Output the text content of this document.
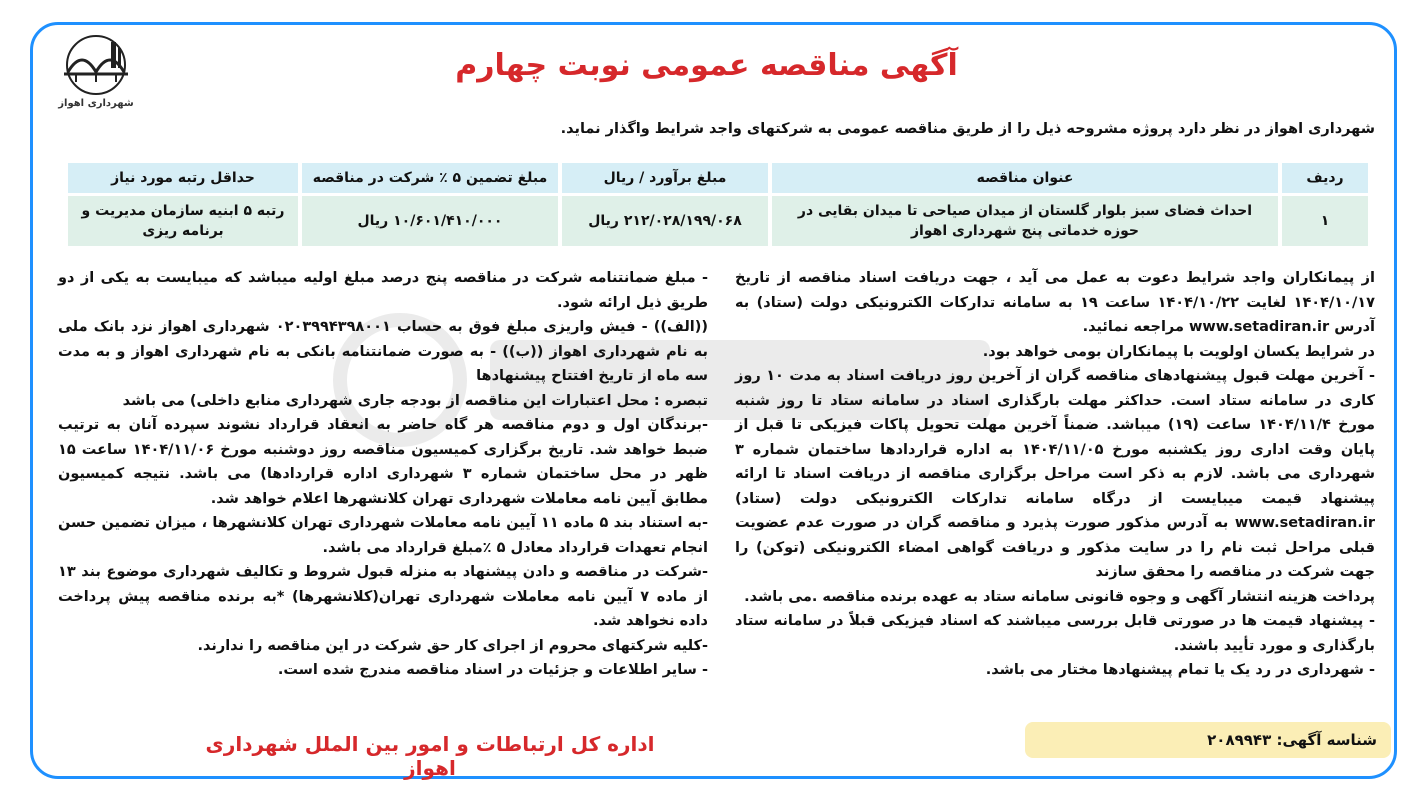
شهرداری اهواز
آگهی مناقصه عمومی نوبت چهارم
شهرداری اهواز در نظر دارد پروژه مشروحه ذیل را از طریق مناقصه عمومی به شرکتهای واجد شرایط واگذار نماید.
ردیف	عنوان مناقصه	مبلغ برآورد / ریال	مبلغ تضمین ۵ ٪ شرکت در مناقصه	حداقل رتبه مورد نیاز
۱	احداث فضای سبز بلوار گلستان از میدان صیاحی تا میدان بقایی در حوزه خدماتی پنج شهرداری اهواز	۲۱۲/۰۲۸/۱۹۹/۰۶۸ ریال	۱۰/۶۰۱/۴۱۰/۰۰۰ ریال	رتبه ۵ ابنیه سازمان مدیریت و برنامه ریزی

از پیمانکاران واجد شرایط دعوت به عمل می آید ، جهت دریافت اسناد مناقصه از تاریخ ۱۴۰۴/۱۰/۱۷ لغایت ۱۴۰۴/۱۰/۲۲ ساعت ۱۹ به سامانه تدارکات الکترونیکی دولت (ستاد) به آدرس www.setadiran.ir مراجعه نمائید.

در شرایط یکسان اولویت با پیمانکاران بومی خواهد بود.

- آخرین مهلت قبول پیشنهادهای مناقصه گران از آخرین روز دریافت اسناد به مدت ۱۰ روز کاری در سامانه ستاد است. حداکثر مهلت بارگذاری اسناد در سامانه ستاد تا روز شنبه مورخ ۱۴۰۴/۱۱/۴ ساعت (۱۹) میباشد. ضمناً آخرین مهلت تحویل پاکات فیزیکی تا قبل از پایان وقت اداری روز یکشنبه مورخ ۱۴۰۴/۱۱/۰۵ به اداره قراردادها ساختمان شماره ۳ شهرداری می باشد. لازم به ذکر است مراحل برگزاری مناقصه از دریافت اسناد تا ارائه پیشنهاد قیمت میبایست از درگاه سامانه تدارکات الکترونیکی دولت (ستاد) www.setadiran.ir به آدرس مذکور صورت پذیرد و مناقصه گران در صورت عدم عضویت قبلی مراحل ثبت نام را در سایت مذکور و دریافت گواهی امضاء الکترونیکی (توکن) را جهت شرکت در مناقصه را محقق سازند

پرداخت هزینه انتشار آگهی و وجوه قانونی سامانه ستاد به عهده برنده مناقصه .می باشد.

- پیشنهاد قیمت ها در صورتی قابل بررسی میباشند که اسناد فیزیکی قبلاً در سامانه ستاد بارگذاری و مورد تأیید باشند.

- شهرداری در رد یک یا تمام پیشنهادها مختار می باشد.

- مبلغ ضمانتنامه شرکت در مناقصه پنج درصد مبلغ اولیه میباشد که میبایست به یکی از دو طریق ذیل ارائه شود.

((الف)) - فیش واریزی مبلغ فوق به حساب ۰۲۰۳۹۹۴۳۹۸۰۰۱ شهرداری اهواز نزد بانک ملی به نام شهرداری اهواز ((ب)) - به صورت ضمانتنامه بانکی به نام شهرداری اهواز و به مدت سه ماه از تاریخ افتتاح پیشنهادها

تبصره : محل اعتبارات این مناقصه از بودجه جاری شهرداری منابع داخلی) می باشد

-برندگان اول و دوم مناقصه هر گاه حاضر به انعقاد قرارداد نشوند سپرده آنان به ترتیب ضبط خواهد شد. تاریخ برگزاری کمیسیون مناقصه روز دوشنبه مورخ ۱۴۰۴/۱۱/۰۶ ساعت ۱۵ ظهر در محل ساختمان شماره ۳ شهرداری اداره قراردادها) می باشد. نتیجه کمیسیون مطابق آیین نامه معاملات شهرداری تهران کلانشهرها اعلام خواهد شد.

-به استناد بند ۵ ماده ۱۱ آیین نامه معاملات شهرداری تهران کلانشهرها ، میزان تضمین حسن انجام تعهدات قرارداد معادل ۵ ٪مبلغ قرارداد می باشد.

-شرکت در مناقصه و دادن پیشنهاد به منزله قبول شروط و تکالیف شهرداری موضوع بند ۱۳ از ماده ۷ آیین نامه معاملات شهرداری تهران(کلانشهرها) *به برنده مناقصه پیش پرداخت داده نخواهد شد.

-کلیه شرکتهای محروم از اجرای کار حق شرکت در این مناقصه را ندارند.

- سایر اطلاعات و جزئیات در اسناد مناقصه مندرج شده است.

شناسه آگهی: ۲۰۸۹۹۴۳
اداره کل ارتباطات و امور بین الملل شهرداری اهواز
